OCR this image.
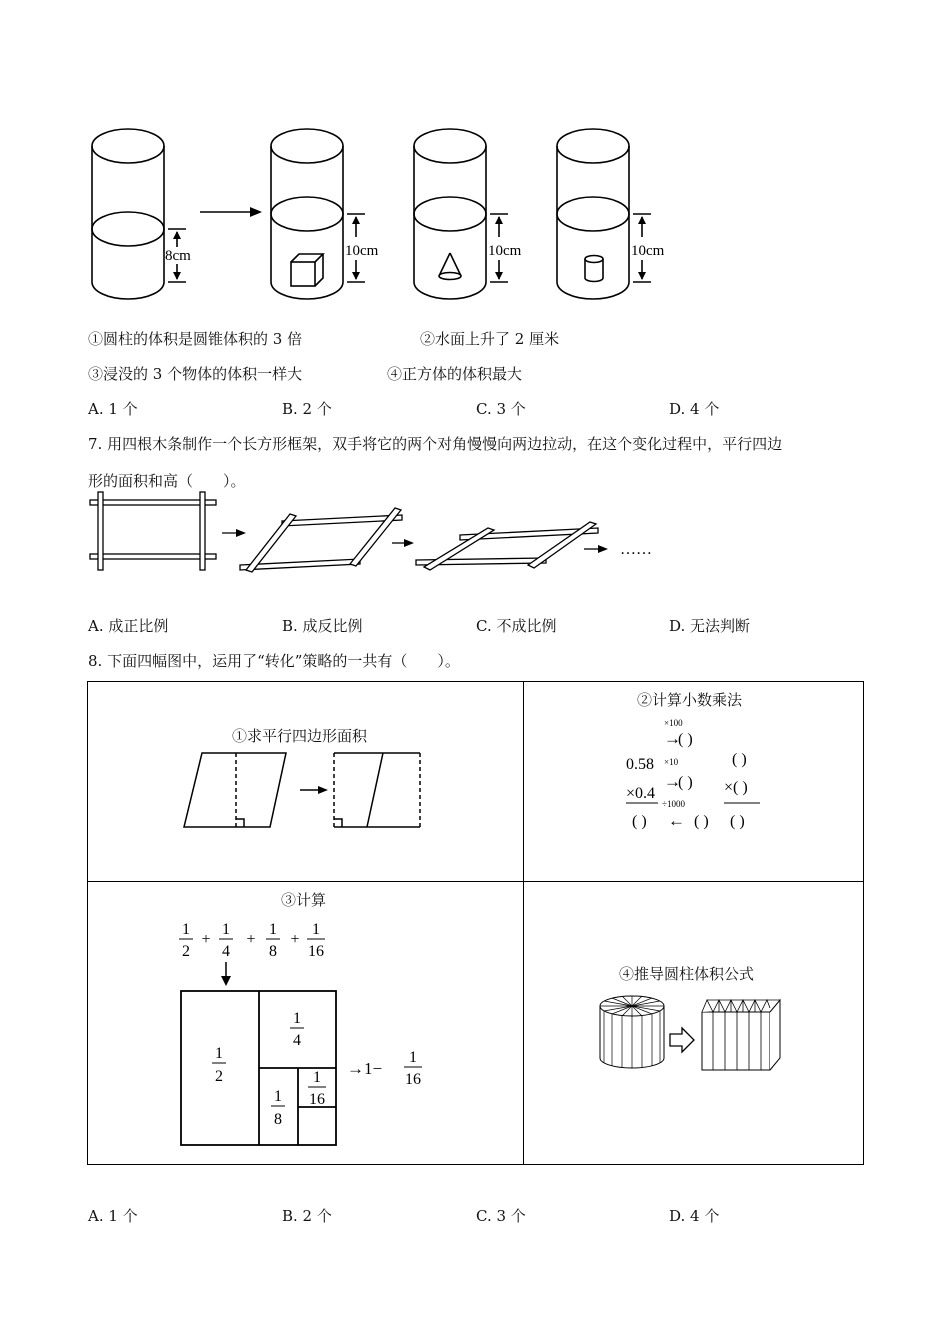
8cm	10cm	10cm	10cm
①圆柱的体积是圆锥体积的 3 倍	②水面上升了 2 厘米
③浸没的 3 个物体的体积一样大	④正方体的体积最大
A. 1 个	B. 2 个	C. 3 个	D. 4 个
7. 用四根木条制作一个长方形框架，双手将它的两个对角慢慢向两边拉动，在这个变化过程中，平行四边
形的面积和高（　　）。
……
A. 成正比例	B. 成反比例	C. 不成比例	D. 无法判断
8. 下面四幅图中，运用了“转化”策略的一共有（　　）。
①求平行四边形面积
②计算小数乘法
×100
→
( )
( )
0.58 ×10
→
( ) ×( )
×0.4
÷1000
( ) ← ( ) ( )
③计算
1
2
+
1
4
+
1
8
+
1
16
1
2
1
4
1
8
1
16
→1−
1
16
④推导圆柱体积公式
A. 1 个	B. 2 个	C. 3 个	D. 4 个
